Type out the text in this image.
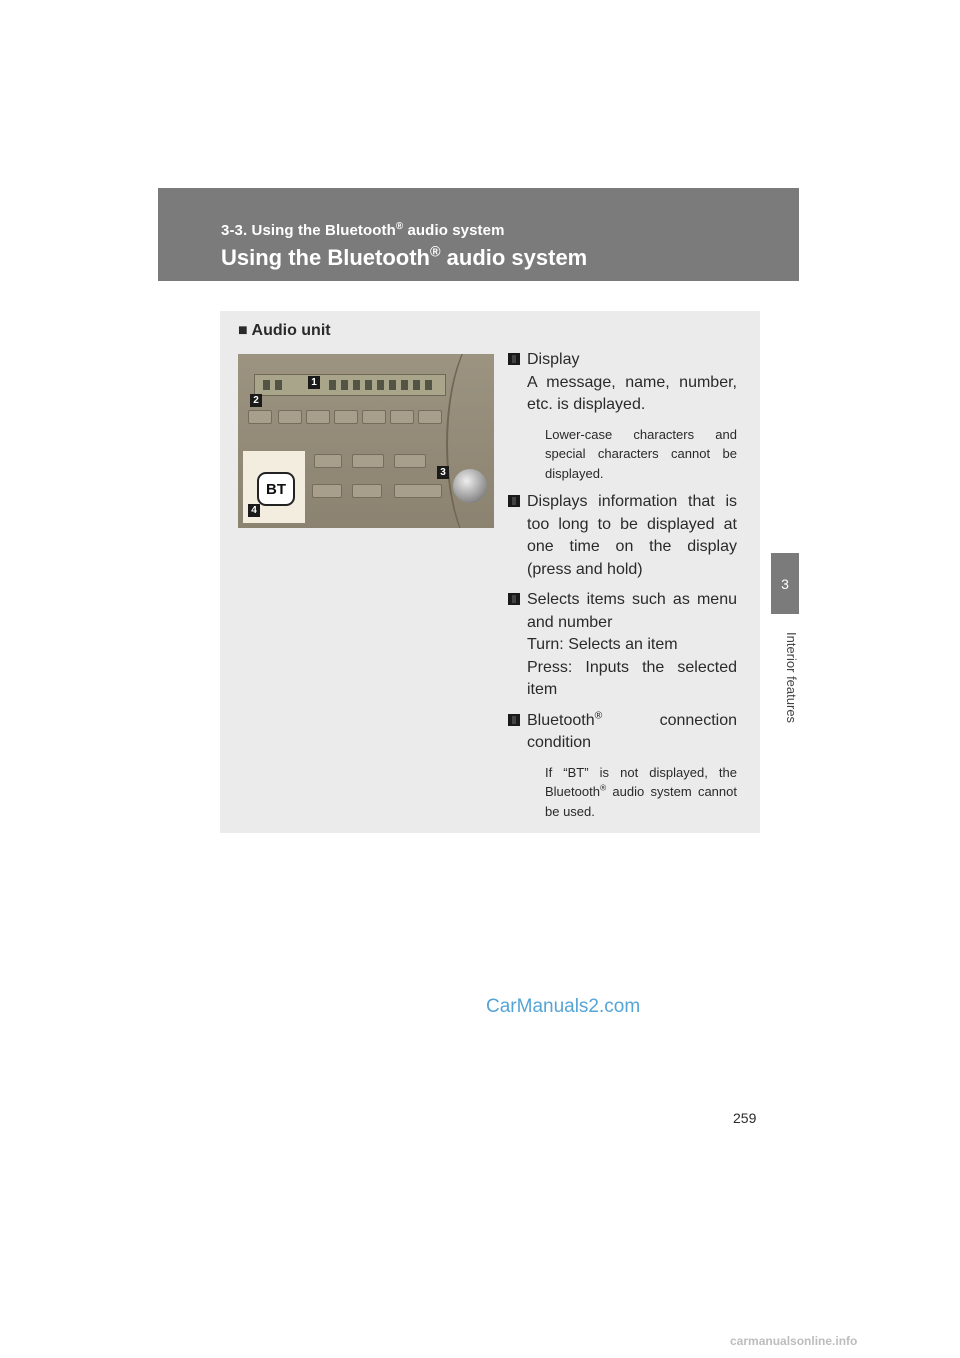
3-3. Using the Bluetooth® audio system
Using the Bluetooth® audio system
3
Interior features
■ Audio unit
BT
1
2
3
4
Display
A message, name, number, etc. is displayed.
Lower-case characters and special characters cannot be displayed.
Displays information that is too long to be displayed at one time on the display (press and hold)
Selects items such as menu and number
Turn: Selects an item
Press: Inputs the selected item
Bluetooth® connection condition
If “BT” is not displayed, the Bluetooth® audio system cannot be used.
CarManuals2.com
259
carmanualsonline.info
